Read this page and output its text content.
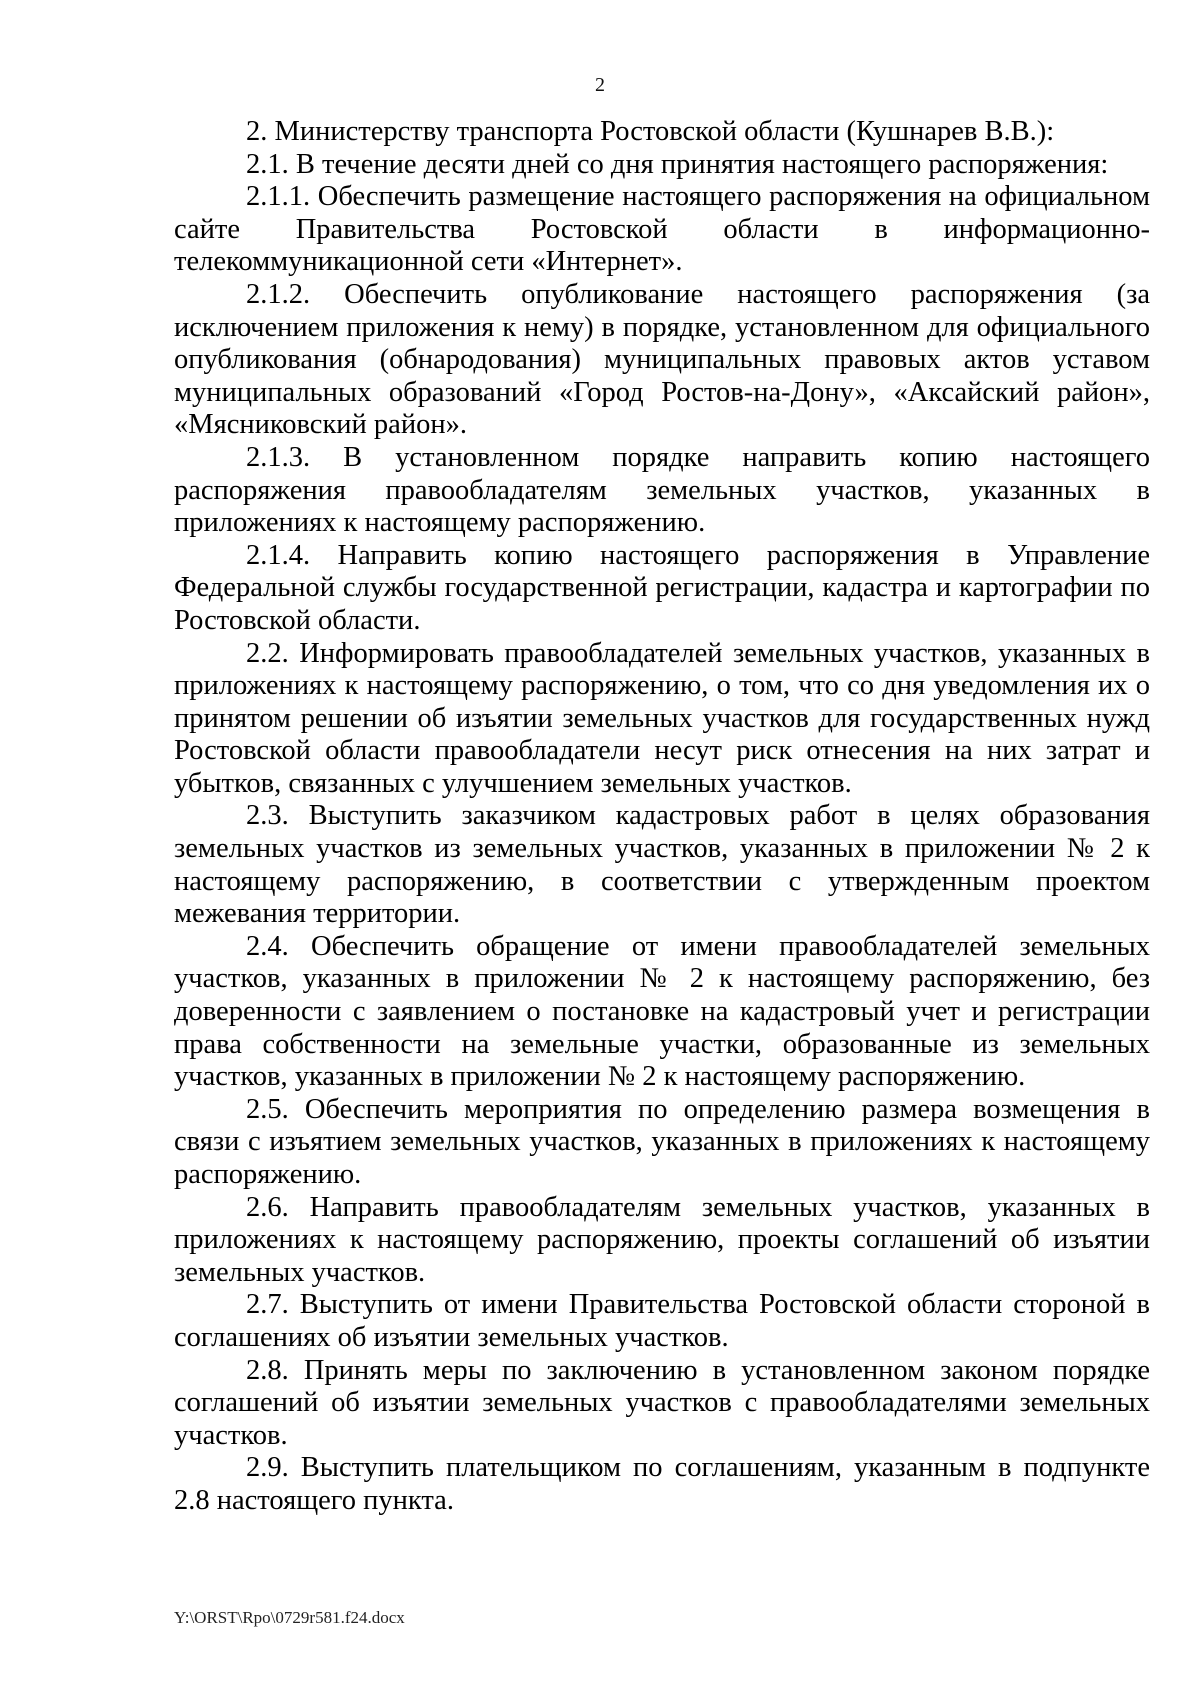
2

2. Министерству транспорта Ростовской области (Кушнарев В.В.):

2.1. В течение десяти дней со дня принятия настоящего распоряжения:

2.1.1. Обеспечить размещение настоящего распоряжения на официальном сайте Правительства Ростовской области в информационно-телекоммуникационной сети «Интернет».

2.1.2. Обеспечить опубликование настоящего распоряжения (за исключением приложения к нему) в порядке, установленном для официального опубликования (обнародования) муниципальных правовых актов уставом муниципальных образований «Город Ростов-на-Дону», «Аксайский район», «Мясниковский район».

2.1.3. В установленном порядке направить копию настоящего распоряжения правообладателям земельных участков, указанных в приложениях к настоящему распоряжению.

2.1.4. Направить копию настоящего распоряжения в Управление Федеральной службы государственной регистрации, кадастра и картографии по Ростовской области.

2.2. Информировать правообладателей земельных участков, указанных в приложениях к настоящему распоряжению, о том, что со дня уведомления их о принятом решении об изъятии земельных участков для государственных нужд Ростовской области правообладатели несут риск отнесения на них затрат и убытков, связанных с улучшением земельных участков.

2.3. Выступить заказчиком кадастровых работ в целях образования земельных участков из земельных участков, указанных в приложении № 2 к настоящему распоряжению, в соответствии с утвержденным проектом межевания территории.

2.4. Обеспечить обращение от имени правообладателей земельных участков, указанных в приложении № 2 к настоящему распоряжению, без доверенности с заявлением о постановке на кадастровый учет и регистрации права собственности на земельные участки, образованные из земельных участков, указанных в приложении № 2 к настоящему распоряжению.

2.5. Обеспечить мероприятия по определению размера возмещения в связи с изъятием земельных участков, указанных в приложениях к настоящему распоряжению.

2.6. Направить правообладателям земельных участков, указанных в приложениях к настоящему распоряжению, проекты соглашений об изъятии земельных участков.

2.7. Выступить от имени Правительства Ростовской области стороной в соглашениях об изъятии земельных участков.

2.8. Принять меры по заключению в установленном законом порядке соглашений об изъятии земельных участков с правообладателями земельных участков.

2.9. Выступить плательщиком по соглашениям, указанным в подпункте 2.8 настоящего пункта.

Y:\ORST\Rpo\0729r581.f24.docx
